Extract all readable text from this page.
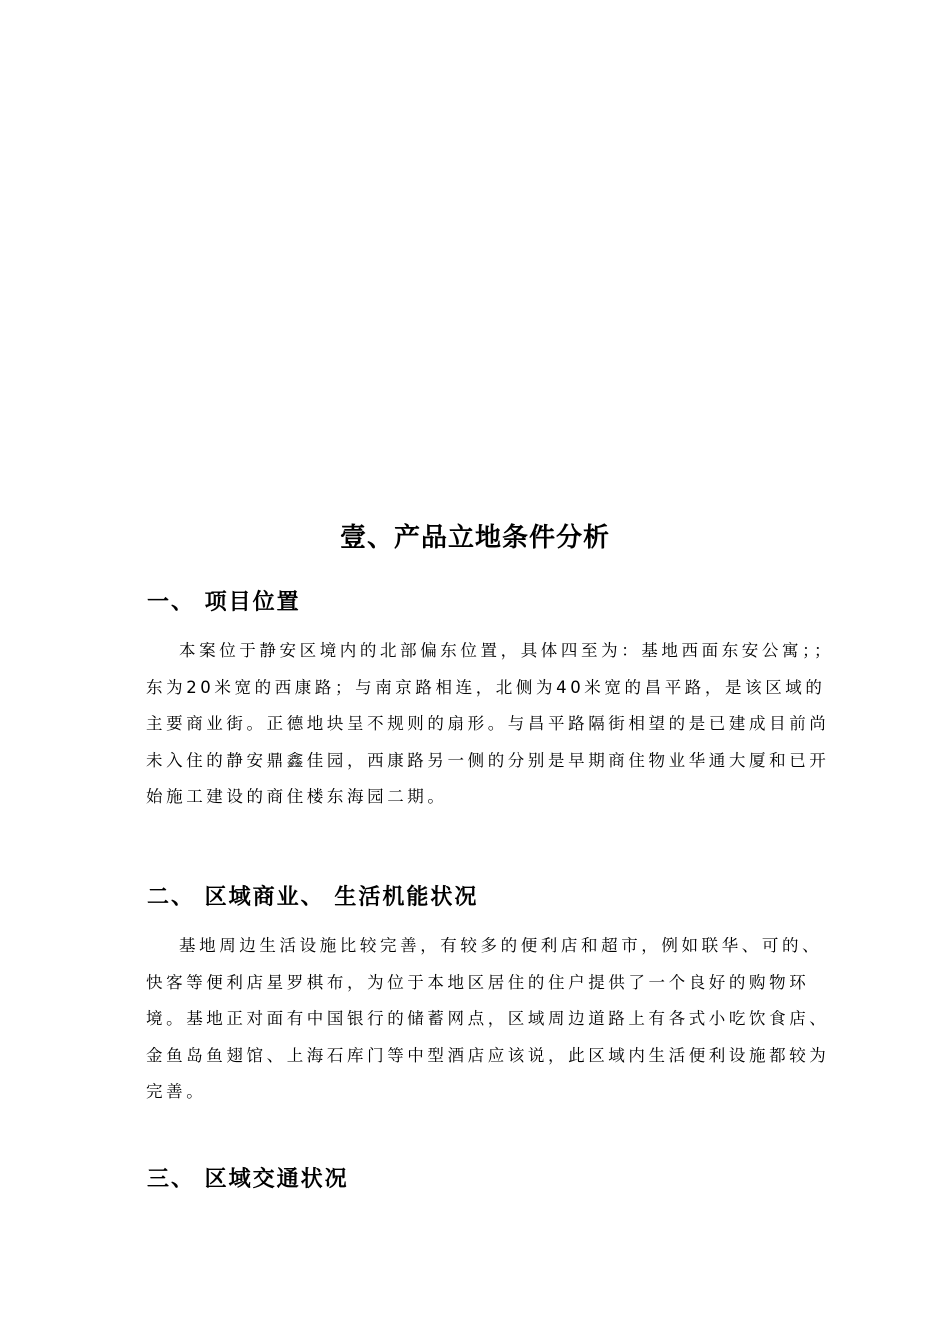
壹、产品立地条件分析
一、 项目位置

本案位于静安区境内的北部偏东位置，具体四至为：基地西面东安公寓；；东为20米宽的西康路；与南京路相连，北侧为40米宽的昌平路，是该区域的主要商业街。正德地块呈不规则的扇形。与昌平路隔街相望的是已建成目前尚未入住的静安鼎鑫佳园，西康路另一侧的分别是早期商住物业华通大厦和已开始施工建设的商住楼东海园二期。

二、 区域商业、 生活机能状况

基地周边生活设施比较完善，有较多的便利店和超市，例如联华、可的、快客等便利店星罗棋布，为位于本地区居住的住户提供了一个良好的购物环境。基地正对面有中国银行的储蓄网点，区域周边道路上有各式小吃饮食店、金鱼岛鱼翅馆、上海石库门等中型酒店应该说，此区域内生活便利设施都较为完善。

三、 区域交通状况
